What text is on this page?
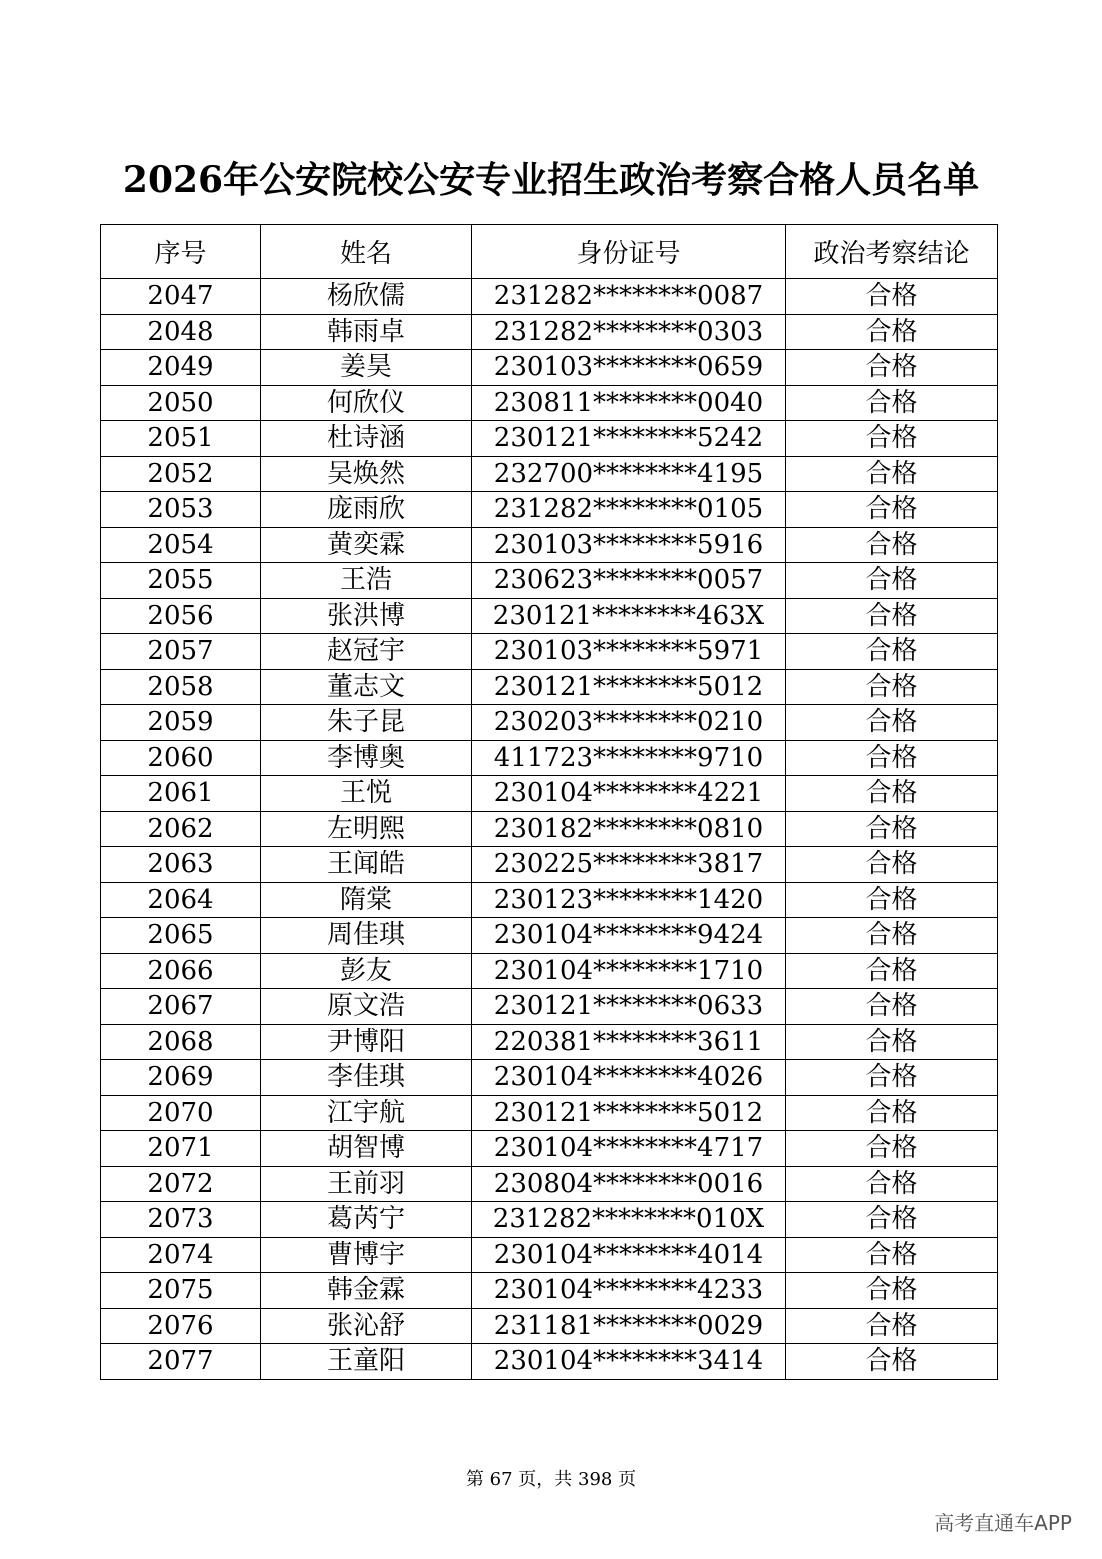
2026年公安院校公安专业招生政治考察合格人员名单
序号	姓名	身份证号	政治考察结论
2047	杨欣儒	231282********0087	合格
2048	韩雨卓	231282********0303	合格
2049	姜昊	230103********0659	合格
2050	何欣仪	230811********0040	合格
2051	杜诗涵	230121********5242	合格
2052	吴焕然	232700********4195	合格
2053	庞雨欣	231282********0105	合格
2054	黄奕霖	230103********5916	合格
2055	王浩	230623********0057	合格
2056	张洪博	230121********463X	合格
2057	赵冠宇	230103********5971	合格
2058	董志文	230121********5012	合格
2059	朱子昆	230203********0210	合格
2060	李博奥	411723********9710	合格
2061	王悦	230104********4221	合格
2062	左明熙	230182********0810	合格
2063	王闻皓	230225********3817	合格
2064	隋棠	230123********1420	合格
2065	周佳琪	230104********9424	合格
2066	彭友	230104********1710	合格
2067	原文浩	230121********0633	合格
2068	尹博阳	220381********3611	合格
2069	李佳琪	230104********4026	合格
2070	江宇航	230121********5012	合格
2071	胡智博	230104********4717	合格
2072	王前羽	230804********0016	合格
2073	葛芮宁	231282********010X	合格
2074	曹博宇	230104********4014	合格
2075	韩金霖	230104********4233	合格
2076	张沁舒	231181********0029	合格
2077	王童阳	230104********3414	合格
第 67 页，共 398 页
高考直通车APP
